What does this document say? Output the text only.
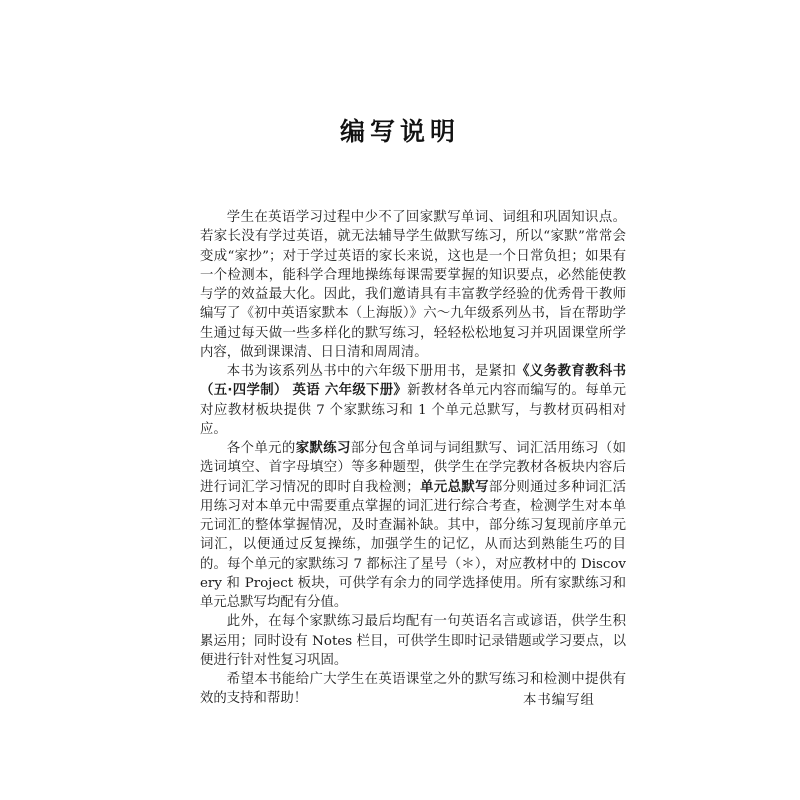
编写说明

学生在英语学习过程中少不了回家默写单词、词组和巩固知识点。若家长没有学过英语，就无法辅导学生做默写练习，所以“家默”常常会变成“家抄”；对于学过英语的家长来说，这也是一个日常负担；如果有一个检测本，能科学合理地操练每课需要掌握的知识要点，必然能使教与学的效益最大化。因此，我们邀请具有丰富教学经验的优秀骨干教师编写了《初中英语家默本（上海版）》六～九年级系列丛书，旨在帮助学生通过每天做一些多样化的默写练习，轻轻松松地复习并巩固课堂所学内容，做到课课清、日日清和周周清。

本书为该系列丛书中的六年级下册用书，是紧扣《义务教育教科书（五·四学制） 英语 六年级下册》新教材各单元内容而编写的。每单元对应教材板块提供 7 个家默练习和 1 个单元总默写，与教材页码相对应。

各个单元的家默练习部分包含单词与词组默写、词汇活用练习（如选词填空、首字母填空）等多种题型，供学生在学完教材各板块内容后进行词汇学习情况的即时自我检测；单元总默写部分则通过多种词汇活用练习对本单元中需要重点掌握的词汇进行综合考查，检测学生对本单元词汇的整体掌握情况，及时查漏补缺。其中，部分练习复现前序单元词汇，以便通过反复操练，加强学生的记忆，从而达到熟能生巧的目的。每个单元的家默练习 7 都标注了星号（＊），对应教材中的 Discovery 和 Project 板块，可供学有余力的同学选择使用。所有家默练习和单元总默写均配有分值。

此外，在每个家默练习最后均配有一句英语名言或谚语，供学生积累运用；同时设有 Notes 栏目，可供学生即时记录错题或学习要点，以便进行针对性复习巩固。

希望本书能给广大学生在英语课堂之外的默写练习和检测中提供有效的支持和帮助！	本书编写组
